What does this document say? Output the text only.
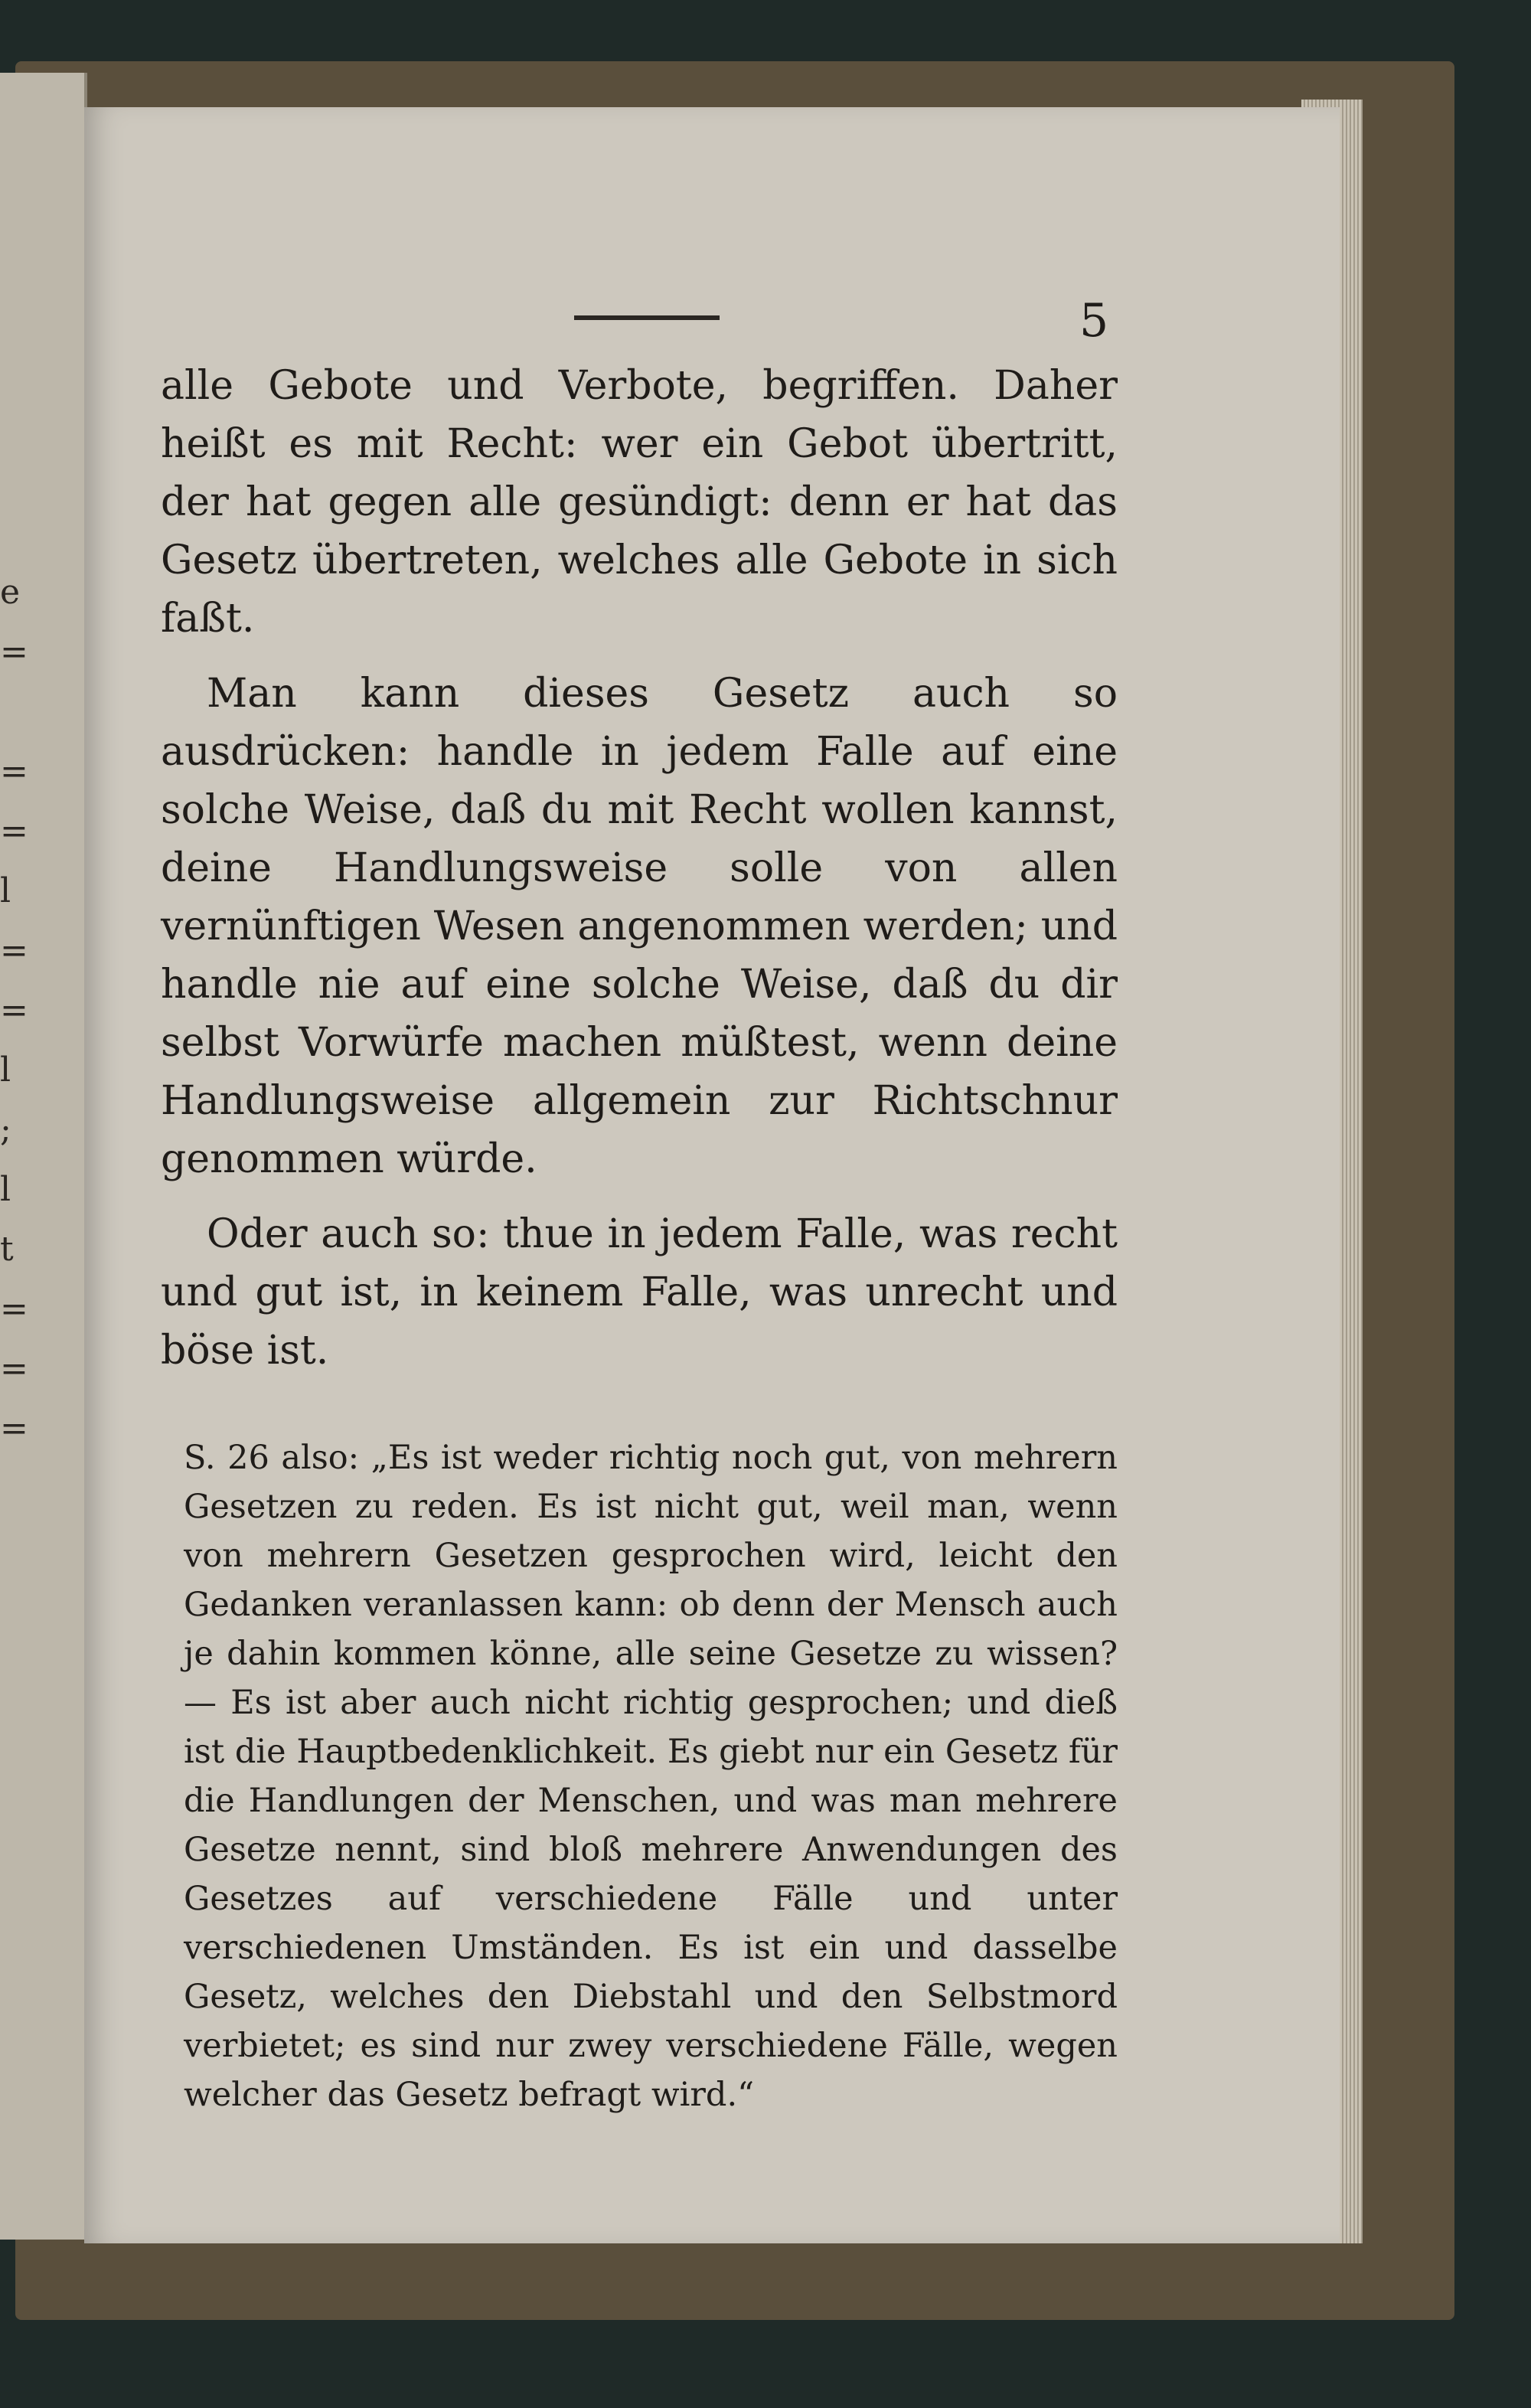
e
=

=
=
l
=
=
l
;
l
t
=
=
=
5

alle Gebote und Verbote, begriffen. Daher heißt es mit Recht: wer ein Gebot übertritt, der hat gegen alle gesündigt: denn er hat das Gesetz übertreten, welches alle Gebote in sich faßt.

Man kann dieses Gesetz auch so ausdrücken: handle in jedem Falle auf eine solche Weise, daß du mit Recht wollen kannst, deine Handlungsweise solle von allen vernünftigen Wesen angenommen werden; und handle nie auf eine solche Weise, daß du dir selbst Vorwürfe machen müßtest, wenn deine Handlungsweise allgemein zur Richtschnur genommen würde.

Oder auch so: thue in jedem Falle, was recht und gut ist, in keinem Falle, was unrecht und böse ist.

S. 26 also: „Es ist weder richtig noch gut, von mehrern Gesetzen zu reden. Es ist nicht gut, weil man, wenn von mehrern Gesetzen gesprochen wird, leicht den Gedanken veranlassen kann: ob denn der Mensch auch je dahin kommen könne, alle seine Gesetze zu wissen? — Es ist aber auch nicht richtig gesprochen; und dieß ist die Hauptbedenklichkeit. Es giebt nur ein Gesetz für die Handlungen der Menschen, und was man mehrere Gesetze nennt, sind bloß mehrere Anwendungen des Gesetzes auf verschiedene Fälle und unter verschiedenen Umständen. Es ist ein und dasselbe Gesetz, welches den Diebstahl und den Selbstmord verbietet; es sind nur zwey verschiedene Fälle, wegen welcher das Gesetz befragt wird.“
